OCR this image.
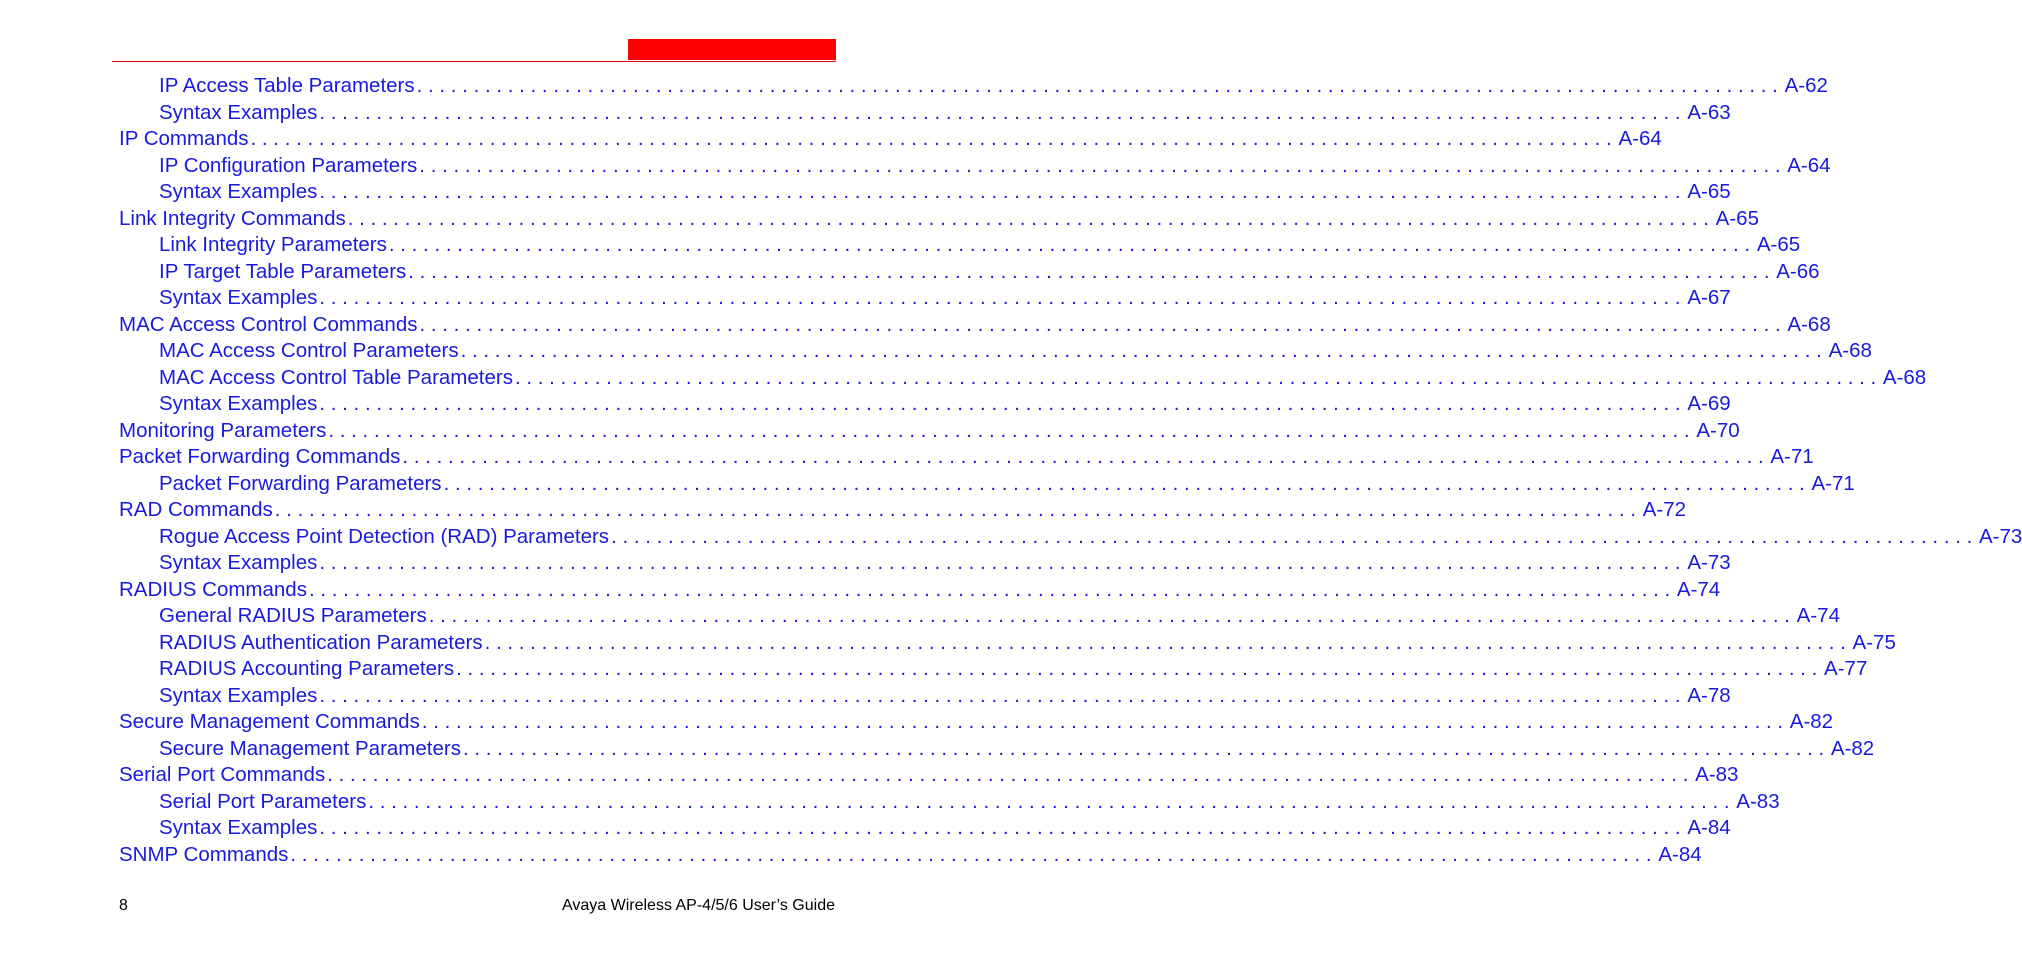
IP Access Table Parameters . . . . . . . . . . . . . . . . . . . . . . . . . . . . . . . . . . . . . . . . . . . . . . . . . . . . . . . . . . . . . . . . . . . . . . . . . . . . . . . . . . . . . . . . . . . . . . . . . . . . . . . . . . . . . . . . . . . . . . . . A-62
Syntax Examples . . . . . . . . . . . . . . . . . . . . . . . . . . . . . . . . . . . . . . . . . . . . . . . . . . . . . . . . . . . . . . . . . . . . . . . . . . . . . . . . . . . . . . . . . . . . . . . . . . . . . . . . . . . . . . . . . . . . . . . . A-63
IP Commands . . . . . . . . . . . . . . . . . . . . . . . . . . . . . . . . . . . . . . . . . . . . . . . . . . . . . . . . . . . . . . . . . . . . . . . . . . . . . . . . . . . . . . . . . . . . . . . . . . . . . . . . . . . . . . . . . . . . . . . . A-64
IP Configuration Parameters . . . . . . . . . . . . . . . . . . . . . . . . . . . . . . . . . . . . . . . . . . . . . . . . . . . . . . . . . . . . . . . . . . . . . . . . . . . . . . . . . . . . . . . . . . . . . . . . . . . . . . . . . . . . . . . . . . . . . . . . A-64
Syntax Examples . . . . . . . . . . . . . . . . . . . . . . . . . . . . . . . . . . . . . . . . . . . . . . . . . . . . . . . . . . . . . . . . . . . . . . . . . . . . . . . . . . . . . . . . . . . . . . . . . . . . . . . . . . . . . . . . . . . . . . . . A-65
Link Integrity Commands . . . . . . . . . . . . . . . . . . . . . . . . . . . . . . . . . . . . . . . . . . . . . . . . . . . . . . . . . . . . . . . . . . . . . . . . . . . . . . . . . . . . . . . . . . . . . . . . . . . . . . . . . . . . . . . . . . . . . . . . A-65
Link Integrity Parameters . . . . . . . . . . . . . . . . . . . . . . . . . . . . . . . . . . . . . . . . . . . . . . . . . . . . . . . . . . . . . . . . . . . . . . . . . . . . . . . . . . . . . . . . . . . . . . . . . . . . . . . . . . . . . . . . . . . . . . . . A-65
IP Target Table Parameters . . . . . . . . . . . . . . . . . . . . . . . . . . . . . . . . . . . . . . . . . . . . . . . . . . . . . . . . . . . . . . . . . . . . . . . . . . . . . . . . . . . . . . . . . . . . . . . . . . . . . . . . . . . . . . . . . . . . . . . . A-66
Syntax Examples . . . . . . . . . . . . . . . . . . . . . . . . . . . . . . . . . . . . . . . . . . . . . . . . . . . . . . . . . . . . . . . . . . . . . . . . . . . . . . . . . . . . . . . . . . . . . . . . . . . . . . . . . . . . . . . . . . . . . . . . A-67
MAC Access Control Commands . . . . . . . . . . . . . . . . . . . . . . . . . . . . . . . . . . . . . . . . . . . . . . . . . . . . . . . . . . . . . . . . . . . . . . . . . . . . . . . . . . . . . . . . . . . . . . . . . . . . . . . . . . . . . . . . . . . . . . . . A-68
MAC Access Control Parameters . . . . . . . . . . . . . . . . . . . . . . . . . . . . . . . . . . . . . . . . . . . . . . . . . . . . . . . . . . . . . . . . . . . . . . . . . . . . . . . . . . . . . . . . . . . . . . . . . . . . . . . . . . . . . . . . . . . . . . . . A-68
MAC Access Control Table Parameters . . . . . . . . . . . . . . . . . . . . . . . . . . . . . . . . . . . . . . . . . . . . . . . . . . . . . . . . . . . . . . . . . . . . . . . . . . . . . . . . . . . . . . . . . . . . . . . . . . . . . . . . . . . . . . . . . . . . . . . . A-68
Syntax Examples . . . . . . . . . . . . . . . . . . . . . . . . . . . . . . . . . . . . . . . . . . . . . . . . . . . . . . . . . . . . . . . . . . . . . . . . . . . . . . . . . . . . . . . . . . . . . . . . . . . . . . . . . . . . . . . . . . . . . . . . A-69
Monitoring Parameters . . . . . . . . . . . . . . . . . . . . . . . . . . . . . . . . . . . . . . . . . . . . . . . . . . . . . . . . . . . . . . . . . . . . . . . . . . . . . . . . . . . . . . . . . . . . . . . . . . . . . . . . . . . . . . . . . . . . . . . . A-70
Packet Forwarding Commands . . . . . . . . . . . . . . . . . . . . . . . . . . . . . . . . . . . . . . . . . . . . . . . . . . . . . . . . . . . . . . . . . . . . . . . . . . . . . . . . . . . . . . . . . . . . . . . . . . . . . . . . . . . . . . . . . . . . . . . . A-71
Packet Forwarding Parameters . . . . . . . . . . . . . . . . . . . . . . . . . . . . . . . . . . . . . . . . . . . . . . . . . . . . . . . . . . . . . . . . . . . . . . . . . . . . . . . . . . . . . . . . . . . . . . . . . . . . . . . . . . . . . . . . . . . . . . . . A-71
RAD Commands . . . . . . . . . . . . . . . . . . . . . . . . . . . . . . . . . . . . . . . . . . . . . . . . . . . . . . . . . . . . . . . . . . . . . . . . . . . . . . . . . . . . . . . . . . . . . . . . . . . . . . . . . . . . . . . . . . . . . . . . A-72
Rogue Access Point Detection (RAD) Parameters . . . . . . . . . . . . . . . . . . . . . . . . . . . . . . . . . . . . . . . . . . . . . . . . . . . . . . . . . . . . . . . . . . . . . . . . . . . . . . . . . . . . . . . . . . . . . . . . . . . . . . . . . . . . . . . . . . . . . . . . A-73
Syntax Examples . . . . . . . . . . . . . . . . . . . . . . . . . . . . . . . . . . . . . . . . . . . . . . . . . . . . . . . . . . . . . . . . . . . . . . . . . . . . . . . . . . . . . . . . . . . . . . . . . . . . . . . . . . . . . . . . . . . . . . . . A-73
RADIUS Commands . . . . . . . . . . . . . . . . . . . . . . . . . . . . . . . . . . . . . . . . . . . . . . . . . . . . . . . . . . . . . . . . . . . . . . . . . . . . . . . . . . . . . . . . . . . . . . . . . . . . . . . . . . . . . . . . . . . . . . . . A-74
General RADIUS Parameters . . . . . . . . . . . . . . . . . . . . . . . . . . . . . . . . . . . . . . . . . . . . . . . . . . . . . . . . . . . . . . . . . . . . . . . . . . . . . . . . . . . . . . . . . . . . . . . . . . . . . . . . . . . . . . . . . . . . . . . . A-74
RADIUS Authentication Parameters . . . . . . . . . . . . . . . . . . . . . . . . . . . . . . . . . . . . . . . . . . . . . . . . . . . . . . . . . . . . . . . . . . . . . . . . . . . . . . . . . . . . . . . . . . . . . . . . . . . . . . . . . . . . . . . . . . . . . . . . A-75
RADIUS Accounting Parameters . . . . . . . . . . . . . . . . . . . . . . . . . . . . . . . . . . . . . . . . . . . . . . . . . . . . . . . . . . . . . . . . . . . . . . . . . . . . . . . . . . . . . . . . . . . . . . . . . . . . . . . . . . . . . . . . . . . . . . . . A-77
Syntax Examples . . . . . . . . . . . . . . . . . . . . . . . . . . . . . . . . . . . . . . . . . . . . . . . . . . . . . . . . . . . . . . . . . . . . . . . . . . . . . . . . . . . . . . . . . . . . . . . . . . . . . . . . . . . . . . . . . . . . . . . . A-78
Secure Management Commands . . . . . . . . . . . . . . . . . . . . . . . . . . . . . . . . . . . . . . . . . . . . . . . . . . . . . . . . . . . . . . . . . . . . . . . . . . . . . . . . . . . . . . . . . . . . . . . . . . . . . . . . . . . . . . . . . . . . . . . . A-82
Secure Management Parameters . . . . . . . . . . . . . . . . . . . . . . . . . . . . . . . . . . . . . . . . . . . . . . . . . . . . . . . . . . . . . . . . . . . . . . . . . . . . . . . . . . . . . . . . . . . . . . . . . . . . . . . . . . . . . . . . . . . . . . . . A-82
Serial Port Commands . . . . . . . . . . . . . . . . . . . . . . . . . . . . . . . . . . . . . . . . . . . . . . . . . . . . . . . . . . . . . . . . . . . . . . . . . . . . . . . . . . . . . . . . . . . . . . . . . . . . . . . . . . . . . . . . . . . . . . . . A-83
Serial Port Parameters . . . . . . . . . . . . . . . . . . . . . . . . . . . . . . . . . . . . . . . . . . . . . . . . . . . . . . . . . . . . . . . . . . . . . . . . . . . . . . . . . . . . . . . . . . . . . . . . . . . . . . . . . . . . . . . . . . . . . . . . A-83
Syntax Examples . . . . . . . . . . . . . . . . . . . . . . . . . . . . . . . . . . . . . . . . . . . . . . . . . . . . . . . . . . . . . . . . . . . . . . . . . . . . . . . . . . . . . . . . . . . . . . . . . . . . . . . . . . . . . . . . . . . . . . . . A-84
SNMP Commands . . . . . . . . . . . . . . . . . . . . . . . . . . . . . . . . . . . . . . . . . . . . . . . . . . . . . . . . . . . . . . . . . . . . . . . . . . . . . . . . . . . . . . . . . . . . . . . . . . . . . . . . . . . . . . . . . . . . . . . . A-84
8	Avaya Wireless AP-4/5/6 User’s Guide
